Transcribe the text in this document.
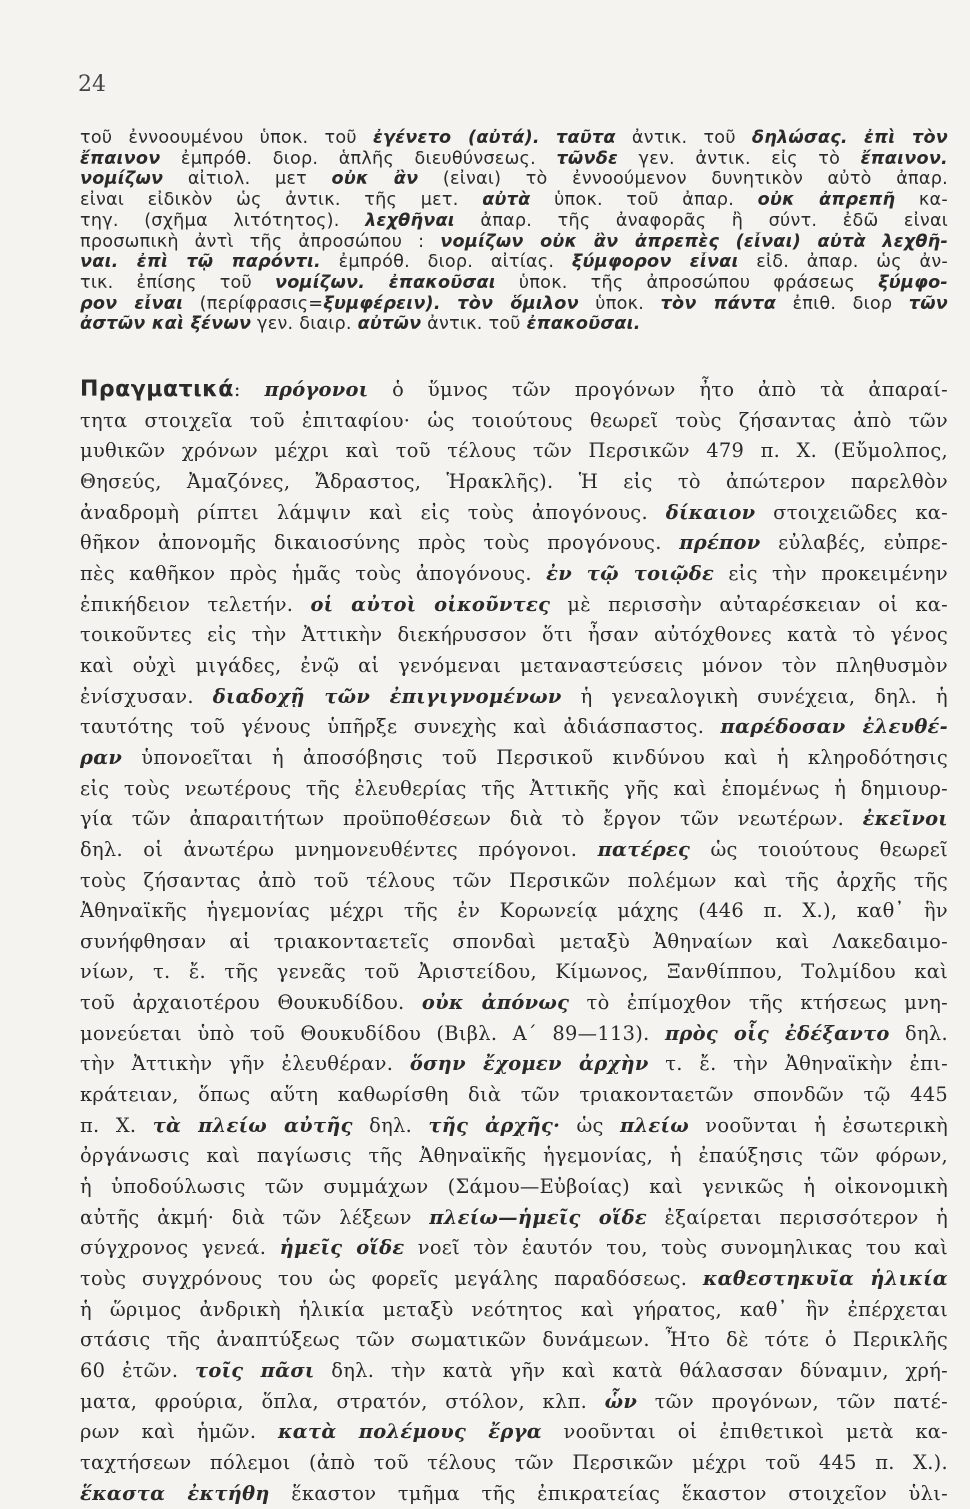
24
τοῦ ἐννοουμένου ὑποκ. τοῦ ἐγένετο (αὐτά). ταῦτα ἀντικ. τοῦ δηλώσας. ἐπὶ τὸν
ἔπαινον ἐμπρόθ. διορ. ἁπλῆς διευθύνσεως. τῶνδε γεν. ἀντικ. εἰς τὸ ἔπαινον.
νομίζων αἰτιολ. μετ οὐκ ἂν (εἶναι) τὸ ἐννοούμενον δυνητικὸν αὐτὸ ἀπαρ.
εἶναι εἰδικὸν ὡς ἀντικ. τῆς μετ. αὐτὰ ὑποκ. τοῦ ἀπαρ. οὐκ ἀπρεπῆ κα-
τηγ. (σχῆμα λιτότητος). λεχθῆναι ἀπαρ. τῆς ἀναφορᾶς ἢ σύντ. ἐδῶ εἶναι
προσωπικὴ ἀντὶ τῆς ἀπροσώπου : νομίζων οὐκ ἂν ἀπρεπὲς (εἶναι) αὐτὰ λεχθῆ-
ναι. ἐπὶ τῷ παρόντι. ἐμπρόθ. διορ. αἰτίας. ξύμφορον εἶναι εἰδ. ἀπαρ. ὡς ἀν-
τικ. ἐπίσης τοῦ νομίζων. ἐπακοῦσαι ὑποκ. τῆς ἀπροσώπου φράσεως ξύμφο-
ρον εἶναι (περίφρασις=ξυμφέρειν). τὸν ὅμιλον ὑποκ. τὸν πάντα ἐπιθ. διορ τῶν
ἀστῶν καὶ ξένων γεν. διαιρ. αὐτῶν ἀντικ. τοῦ ἐπακοῦσαι.
Πραγματικά: πρόγονοι ὁ ὕμνος τῶν προγόνων ἦτο ἀπὸ τὰ ἀπαραί-
τητα στοιχεῖα τοῦ ἐπιταφίου· ὡς τοιούτους θεωρεῖ τοὺς ζήσαντας ἀπὸ τῶν
μυθικῶν χρόνων μέχρι καὶ τοῦ τέλους τῶν Περσικῶν 479 π. Χ. (Εὔμολπος,
Θησεύς, Ἀμαζόνες, Ἄδραστος, Ἡρακλῆς). Ἡ εἰς τὸ ἀπώτερον παρελθὸν
ἀναδρομὴ ρίπτει λάμψιν καὶ εἰς τοὺς ἀπογόνους. δίκαιον στοιχειῶδες κα-
θῆκον ἀπονομῆς δικαιοσύνης πρὸς τοὺς προγόνους. πρέπον εὐλαβές, εὐπρε-
πὲς καθῆκον πρὸς ἡμᾶς τοὺς ἀπογόνους. ἐν τῷ τοιῷδε εἰς τὴν προκειμένην
ἐπικήδειον τελετήν. οἱ αὐτοὶ οἰκοῦντες μὲ περισσὴν αὐταρέσκειαν οἱ κα-
τοικοῦντες εἰς τὴν Ἀττικὴν διεκήρυσσον ὅτι ἦσαν αὐτόχθονες κατὰ τὸ γένος
καὶ οὐχὶ μιγάδες, ἐνῷ αἱ γενόμεναι μεταναστεύσεις μόνον τὸν πληθυσμὸν
ἐνίσχυσαν. διαδοχῇ τῶν ἐπιγιγνομένων ἡ γενεαλογικὴ συνέχεια, δηλ. ἡ
ταυτότης τοῦ γένους ὑπῆρξε συνεχὴς καὶ ἀδιάσπαστος. παρέδοσαν ἐλευθέ-
ραν ὑπονοεῖται ἡ ἀποσόβησις τοῦ Περσικοῦ κινδύνου καὶ ἡ κληροδότησις
εἰς τοὺς νεωτέρους τῆς ἐλευθερίας τῆς Ἀττικῆς γῆς καὶ ἑπομένως ἡ δημιουρ-
γία τῶν ἀπαραιτήτων προϋποθέσεων διὰ τὸ ἔργον τῶν νεωτέρων. ἐκεῖνοι
δηλ. οἱ ἀνωτέρω μνημονευθέντες πρόγονοι. πατέρες ὡς τοιούτους θεωρεῖ
τοὺς ζήσαντας ἀπὸ τοῦ τέλους τῶν Περσικῶν πολέμων καὶ τῆς ἀρχῆς τῆς
Ἀθηναϊκῆς ἡγεμονίας μέχρι τῆς ἐν Κορωνείᾳ μάχης (446 π. Χ.), καθ᾽ ἣν
συνήφθησαν αἱ τριακονταετεῖς σπονδαὶ μεταξὺ Ἀθηναίων καὶ Λακεδαιμο-
νίων, τ. ἔ. τῆς γενεᾶς τοῦ Ἀριστείδου, Κίμωνος, Ξανθίππου, Τολμίδου καὶ
τοῦ ἀρχαιοτέρου Θουκυδίδου. οὐκ ἀπόνως τὸ ἐπίμοχθον τῆς κτήσεως μνη-
μονεύεται ὑπὸ τοῦ Θουκυδίδου (Βιβλ. Α΄ 89—113). πρὸς οἷς ἐδέξαντο δηλ.
τὴν Ἀττικὴν γῆν ἐλευθέραν. ὅσην ἔχομεν ἀρχὴν τ. ἔ. τὴν Ἀθηναϊκὴν ἐπι-
κράτειαν, ὅπως αὕτη καθωρίσθη διὰ τῶν τριακονταετῶν σπονδῶν τῷ 445
π. Χ. τὰ πλείω αὐτῆς δηλ. τῆς ἀρχῆς· ὡς πλείω νοοῦνται ἡ ἐσωτερικὴ
ὀργάνωσις καὶ παγίωσις τῆς Ἀθηναϊκῆς ἡγεμονίας, ἡ ἐπαύξησις τῶν φόρων,
ἡ ὑποδούλωσις τῶν συμμάχων (Σάμου—Εὐβοίας) καὶ γενικῶς ἡ οἰκονομικὴ
αὐτῆς ἀκμή· διὰ τῶν λέξεων πλείω—ἡμεῖς οἵδε ἐξαίρεται περισσότερον ἡ
σύγχρονος γενεά. ἡμεῖς οἵδε νοεῖ τὸν ἑαυτόν του, τοὺς συνομηλικας του καὶ
τοὺς συγχρόνους του ὡς φορεῖς μεγάλης παραδόσεως. καθεστηκυῖα ἡλικία
ἡ ὥριμος ἀνδρικὴ ἡλικία μεταξὺ νεότητος καὶ γήρατος, καθ᾽ ἣν ἐπέρχεται
στάσις τῆς ἀναπτύξεως τῶν σωματικῶν δυνάμεων. Ἦτο δὲ τότε ὁ Περικλῆς
60 ἐτῶν. τοῖς πᾶσι δηλ. τὴν κατὰ γῆν καὶ κατὰ θάλασσαν δύναμιν, χρή-
ματα, φρούρια, ὅπλα, στρατόν, στόλον, κλπ. ὧν τῶν προγόνων, τῶν πατέ-
ρων καὶ ἡμῶν. κατὰ πολέμους ἔργα νοοῦνται οἱ ἐπιθετικοὶ μετὰ κα-
ταχτήσεων πόλεμοι (ἀπὸ τοῦ τέλους τῶν Περσικῶν μέχρι τοῦ 445 π. Χ.).
ἕκαστα ἐκτήθη ἕκαστον τμῆμα τῆς ἐπικρατείας ἕκαστον στοιχεῖον ὑλι-
